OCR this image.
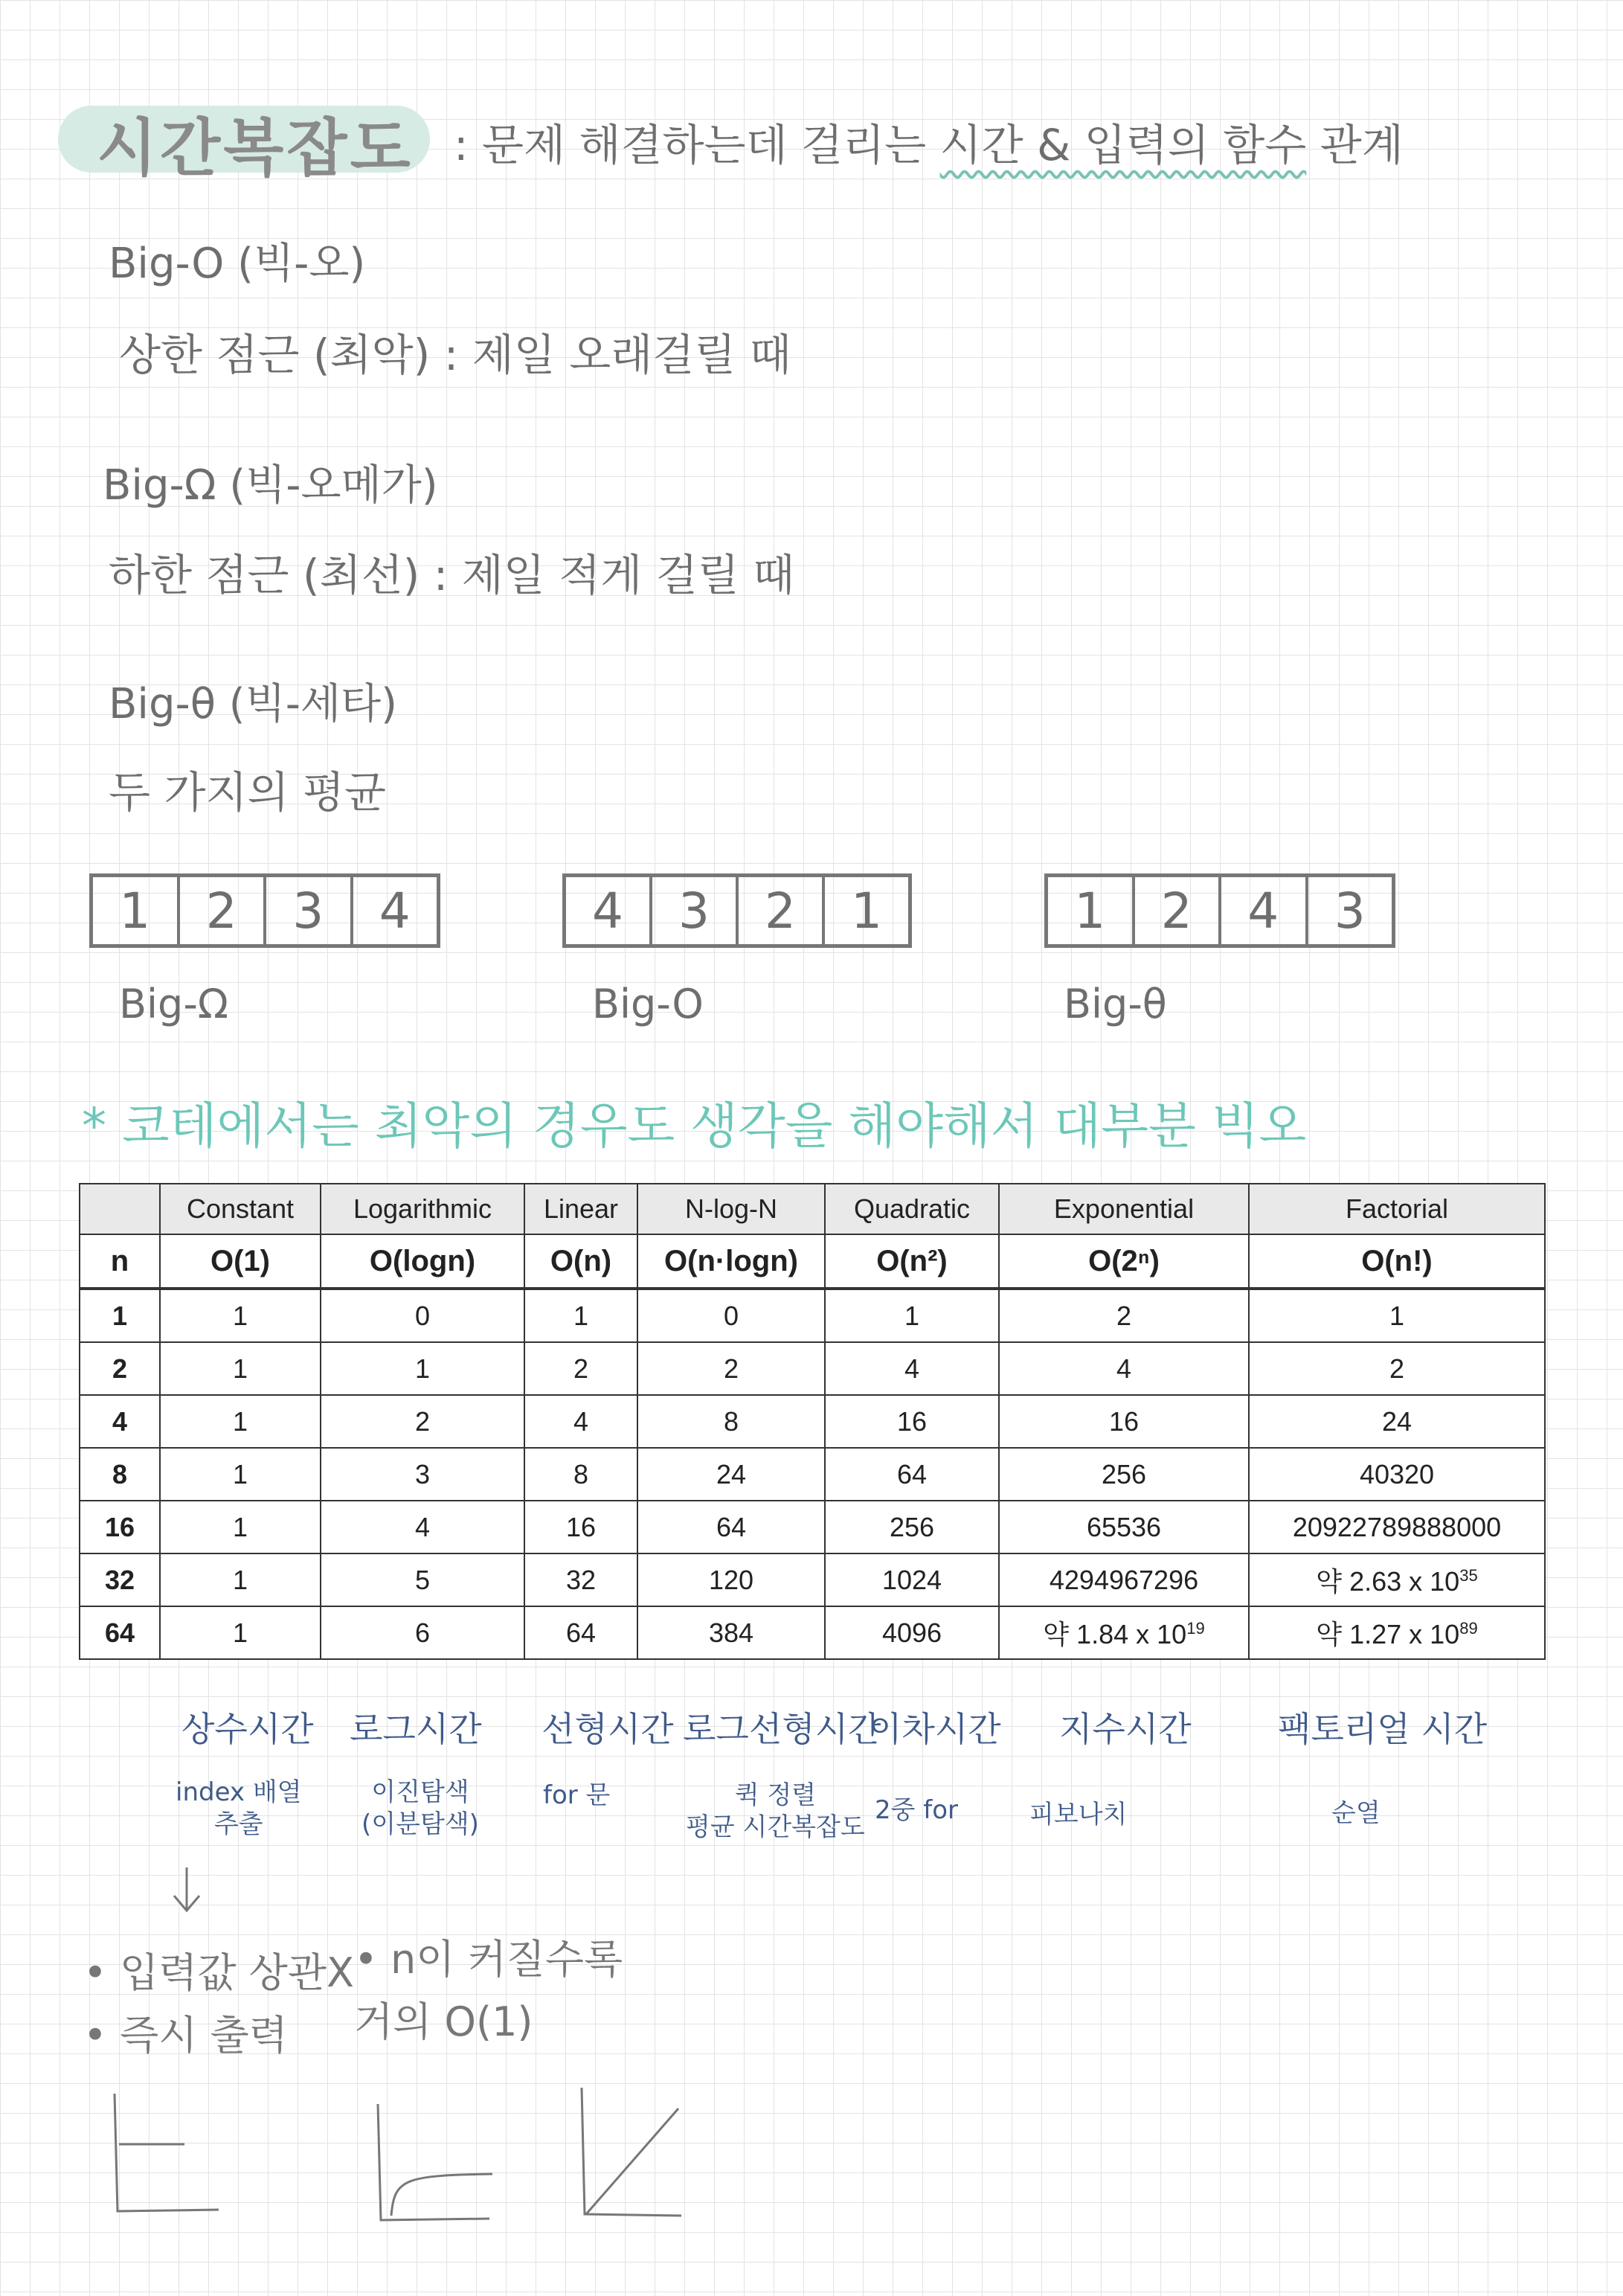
시간복잡도 : 문제 해결하는데 걸리는 시간 & 입력의 함수 관계
Big-O (빅-오)
상한 점근 (최악) : 제일 오래걸릴 때
Big-Ω (빅-오메가)
하한 점근 (최선) : 제일 적게 걸릴 때
Big-θ (빅-세타)
두 가지의 평균
1	2	3	4
Big-Ω
4	3	2	1
Big-O
1	2	4	3
Big-θ
* 코테에서는 최악의 경우도 생각을 해야해서 대부분 빅오
	Constant	Logarithmic	Linear	N-log-N	Quadratic	Exponential	Factorial
n	O(1)	O(logn)	O(n)	O(n·logn)	O(n²)	O(2ⁿ)	O(n!)
1	1	0	1	0	1	2	1
2	1	1	2	2	4	4	2
4	1	2	4	8	16	16	24
8	1	3	8	24	64	256	40320
16	1	4	16	64	256	65536	20922789888000
32	1	5	32	120	1024	4294967296	약 2.63 x $10^{35}$
64	1	6	64	384	4096	약 1.84 x $10^{19}$	약 1.27 x $10^{89}$
상수시간 로그시간 선형시간 로그선형시간
이차시간 지수시간	팩토리얼 시간
index 배열
추출
이진탐색
(이분탐색)
for 문	퀵 정렬
평균 시간복잡도
2중 for	피보나치	순열
• 입력값 상관X
• 즉시 출력
• n이 커질수록
거의 O(1)
